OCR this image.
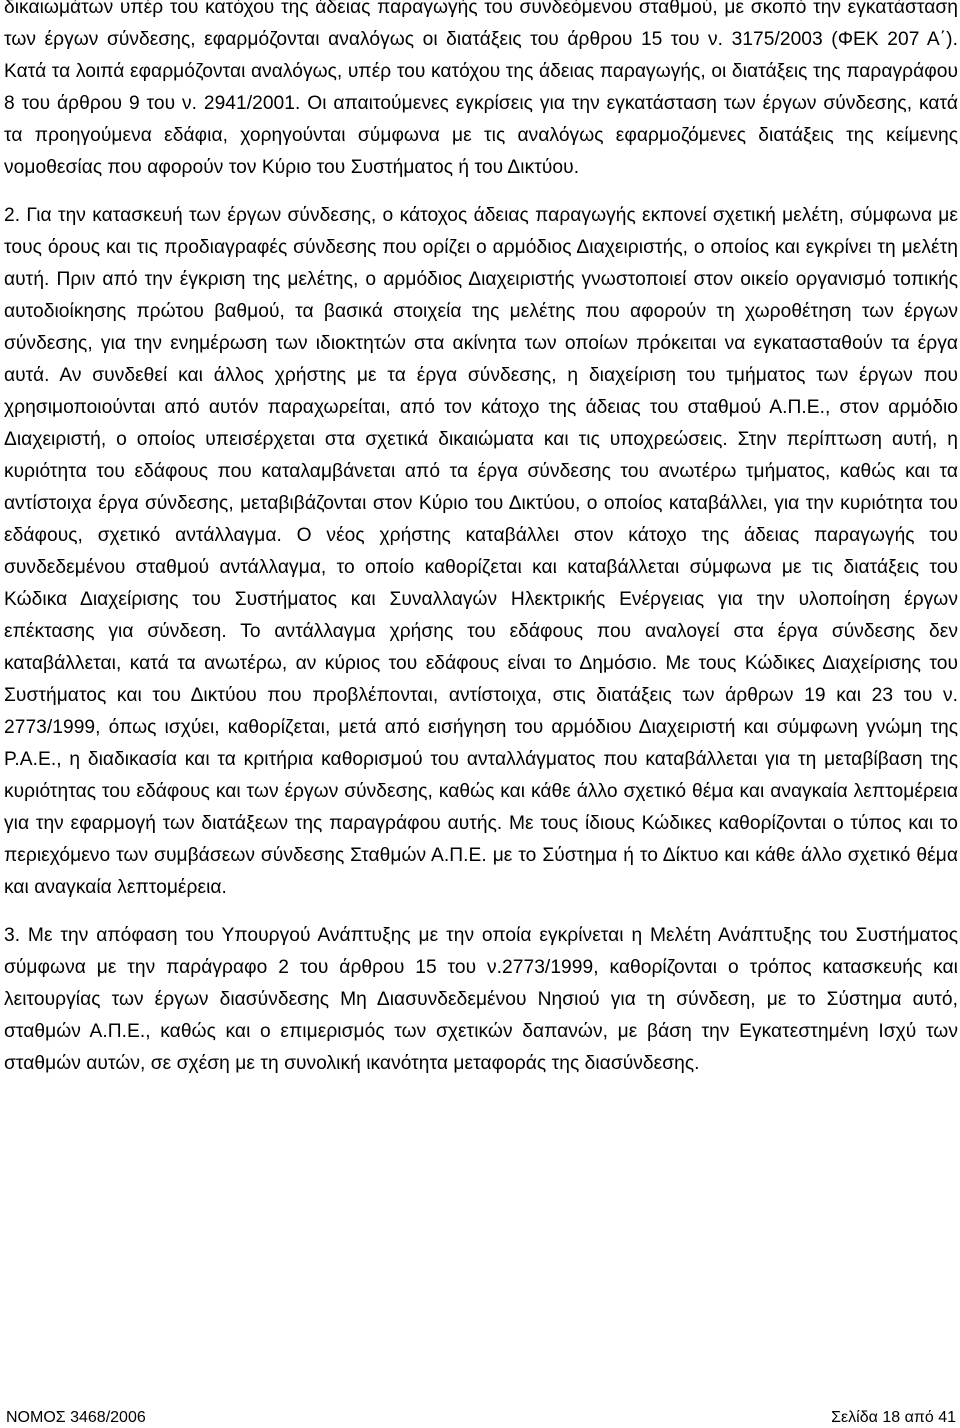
δικαιωμάτων υπέρ του κατόχου της άδειας παραγωγής του συνδεόμενου σταθμού, με σκοπό την εγκατάσταση των έργων σύνδεσης, εφαρμόζονται αναλόγως οι διατάξεις του άρθρου 15 του ν. 3175/2003 (ΦΕΚ 207 Α΄). Κατά τα λοιπά εφαρμόζονται αναλόγως, υπέρ του κατόχου της άδειας παραγωγής, οι διατάξεις της παραγράφου 8 του άρθρου 9 του ν. 2941/2001. Οι απαιτούμενες εγκρίσεις για την εγκατάσταση των έργων σύνδεσης, κατά τα προηγούμενα εδάφια, χορηγούνται σύμφωνα με τις αναλόγως εφαρμοζόμενες διατάξεις της κείμενης νομοθεσίας που αφορούν τον Κύριο του Συστήματος ή του Δικτύου.

2. Για την κατασκευή των έργων σύνδεσης, ο κάτοχος άδειας παραγωγής εκπονεί σχετική μελέτη, σύμφωνα με τους όρους και τις προδιαγραφές σύνδεσης που ορίζει ο αρμόδιος Διαχειριστής, ο οποίος και εγκρίνει τη μελέτη αυτή. Πριν από την έγκριση της μελέτης, ο αρμόδιος Διαχειριστής γνωστοποιεί στον οικείο οργανισμό τοπικής αυτοδιοίκησης πρώτου βαθμού, τα βασικά στοιχεία της μελέτης που αφορούν τη χωροθέτηση των έργων σύνδεσης, για την ενημέρωση των ιδιοκτητών στα ακίνητα των οποίων πρόκειται να εγκατασταθούν τα έργα αυτά. Αν συνδεθεί και άλλος χρήστης με τα έργα σύνδεσης, η διαχείριση του τμήματος των έργων που χρησιμοποιούνται από αυτόν παραχωρείται, από τον κάτοχο της άδειας του σταθμού Α.Π.Ε., στον αρμόδιο Διαχειριστή, ο οποίος υπεισέρχεται στα σχετικά δικαιώματα και τις υποχρεώσεις. Στην περίπτωση αυτή, η κυριότητα του εδάφους που καταλαμβάνεται από τα έργα σύνδεσης του ανωτέρω τμήματος, καθώς και τα αντίστοιχα έργα σύνδεσης, μεταβιβάζονται στον Κύριο του Δικτύου, ο οποίος καταβάλλει, για την κυριότητα του εδάφους, σχετικό αντάλλαγμα. Ο νέος χρήστης καταβάλλει στον κάτοχο της άδειας παραγωγής του συνδεδεμένου σταθμού αντάλλαγμα, το οποίο καθορίζεται και καταβάλλεται σύμφωνα με τις διατάξεις του Κώδικα Διαχείρισης του Συστήματος και Συναλλαγών Ηλεκτρικής Ενέργειας για την υλοποίηση έργων επέκτασης για σύνδεση. Το αντάλλαγμα χρήσης του εδάφους που αναλογεί στα έργα σύνδεσης δεν καταβάλλεται, κατά τα ανωτέρω, αν κύριος του εδάφους είναι το Δημόσιο. Με τους Κώδικες Διαχείρισης του Συστήματος και του Δικτύου που προβλέπονται, αντίστοιχα, στις διατάξεις των άρθρων 19 και 23 του ν. 2773/1999, όπως ισχύει, καθορίζεται, μετά από εισήγηση του αρμόδιου Διαχειριστή και σύμφωνη γνώμη της Ρ.Α.Ε., η διαδικασία και τα κριτήρια καθορισμού του ανταλλάγματος που καταβάλλεται για τη μεταβίβαση της κυριότητας του εδάφους και των έργων σύνδεσης, καθώς και κάθε άλλο σχετικό θέμα και αναγκαία λεπτομέρεια για την εφαρμογή των διατάξεων της παραγράφου αυτής. Με τους ίδιους Κώδικες καθορίζονται ο τύπος και το περιεχόμενο των συμβάσεων σύνδεσης Σταθμών Α.Π.Ε. με το Σύστημα ή το Δίκτυο και κάθε άλλο σχετικό θέμα και αναγκαία λεπτομέρεια.

3. Με την απόφαση του Υπουργού Ανάπτυξης με την οποία εγκρίνεται η Μελέτη Ανάπτυξης του Συστήματος σύμφωνα με την παράγραφο 2 του άρθρου 15 του ν.2773/1999, καθορίζονται ο τρόπος κατασκευής και λειτουργίας των έργων διασύνδεσης Μη Διασυνδεδεμένου Νησιού για τη σύνδεση, με το Σύστημα αυτό, σταθμών Α.Π.Ε., καθώς και ο επιμερισμός των σχετικών δαπανών, με βάση την Εγκατεστημένη Ισχύ των σταθμών αυτών, σε σχέση με τη συνολική ικανότητα μεταφοράς της διασύνδεσης.

ΝΟΜΟΣ 3468/2006	Σελίδα 18 από 41
